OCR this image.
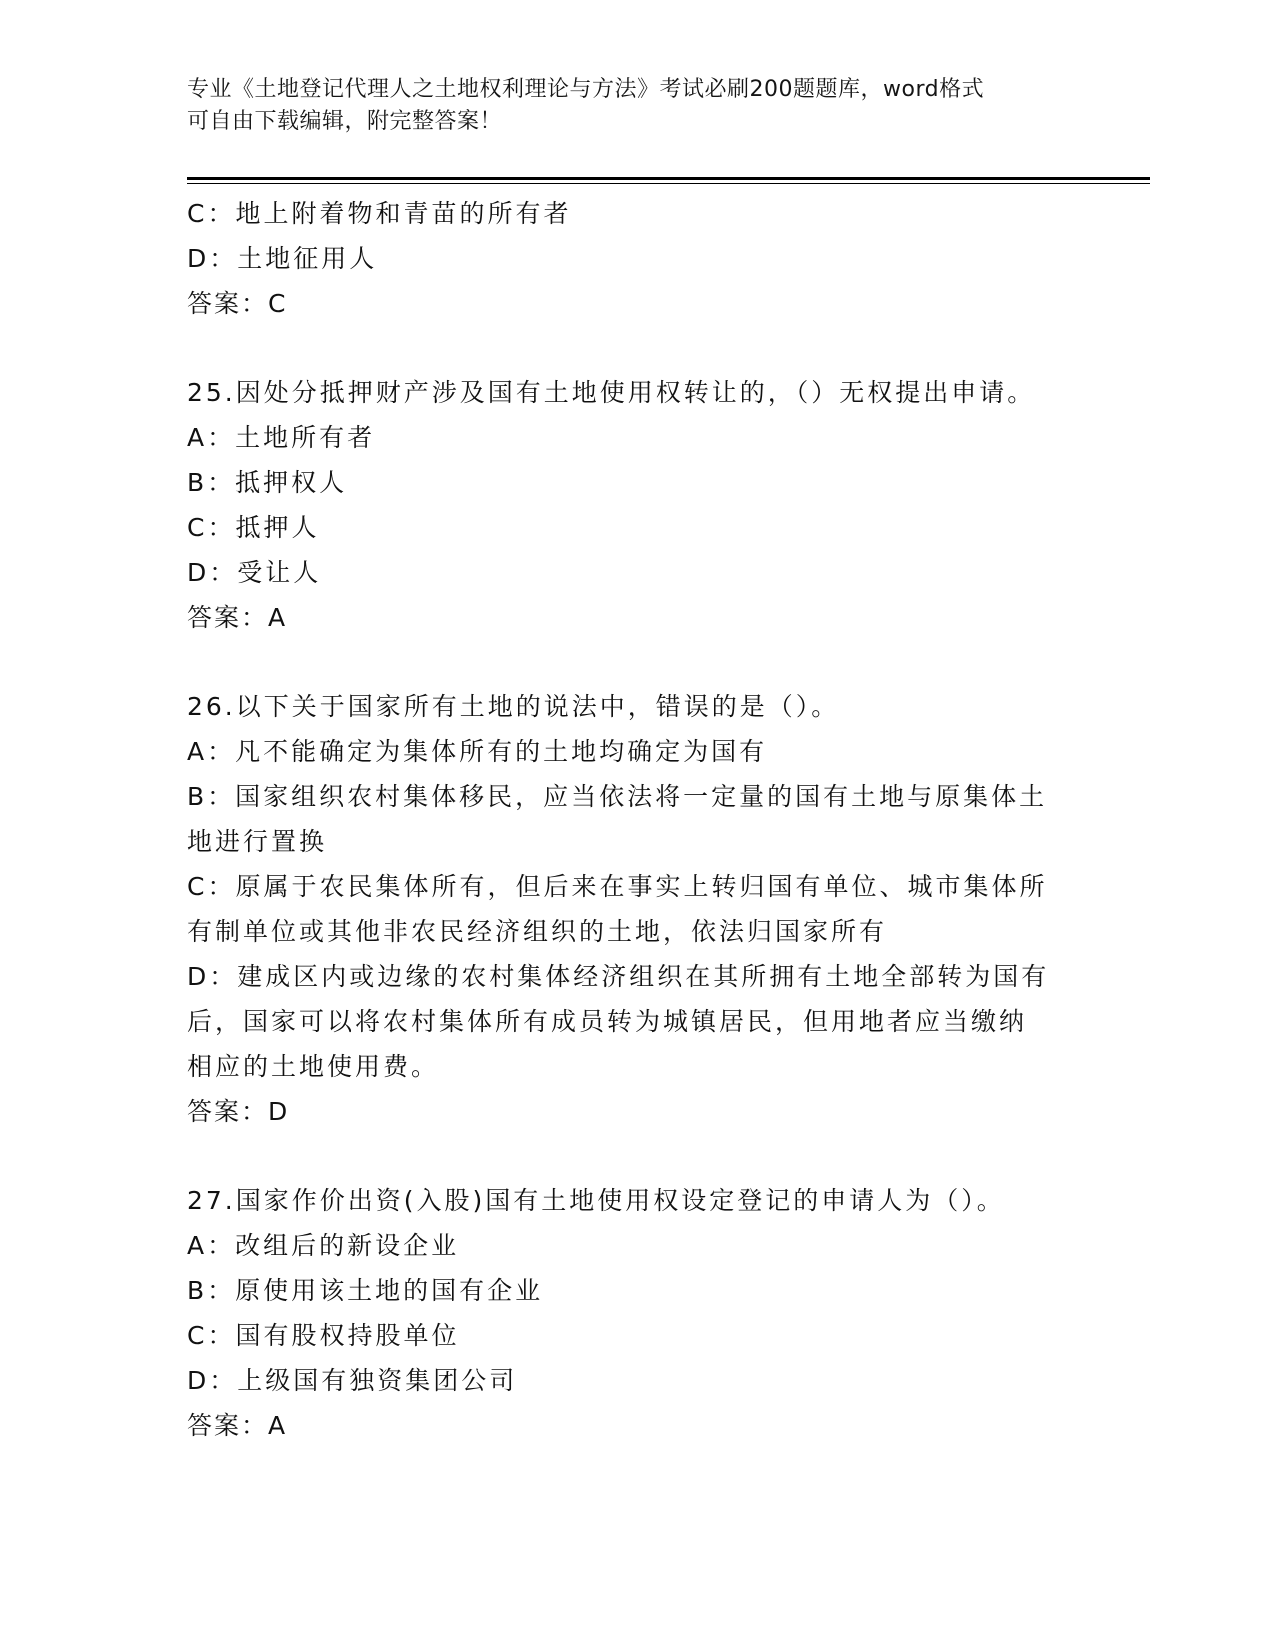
专业《土地登记代理人之土地权利理论与方法》考试必刷200题题库，word格式
可自由下载编辑，附完整答案！
C：地上附着物和青苗的所有者
D：土地征用人
答案：C
25.因处分抵押财产涉及国有土地使用权转让的，（）无权提出申请。
A：土地所有者
B：抵押权人
C：抵押人
D：受让人
答案：A
26.以下关于国家所有土地的说法中，错误的是（）。
A：凡不能确定为集体所有的土地均确定为国有
B：国家组织农村集体移民，应当依法将一定量的国有土地与原集体土
地进行置换
C：原属于农民集体所有，但后来在事实上转归国有单位、城市集体所
有制单位或其他非农民经济组织的土地，依法归国家所有
D：建成区内或边缘的农村集体经济组织在其所拥有土地全部转为国有
后，国家可以将农村集体所有成员转为城镇居民，但用地者应当缴纳
相应的土地使用费。
答案：D
27.国家作价出资(入股)国有土地使用权设定登记的申请人为（）。
A：改组后的新设企业
B：原使用该土地的国有企业
C：国有股权持股单位
D：上级国有独资集团公司
答案：A
